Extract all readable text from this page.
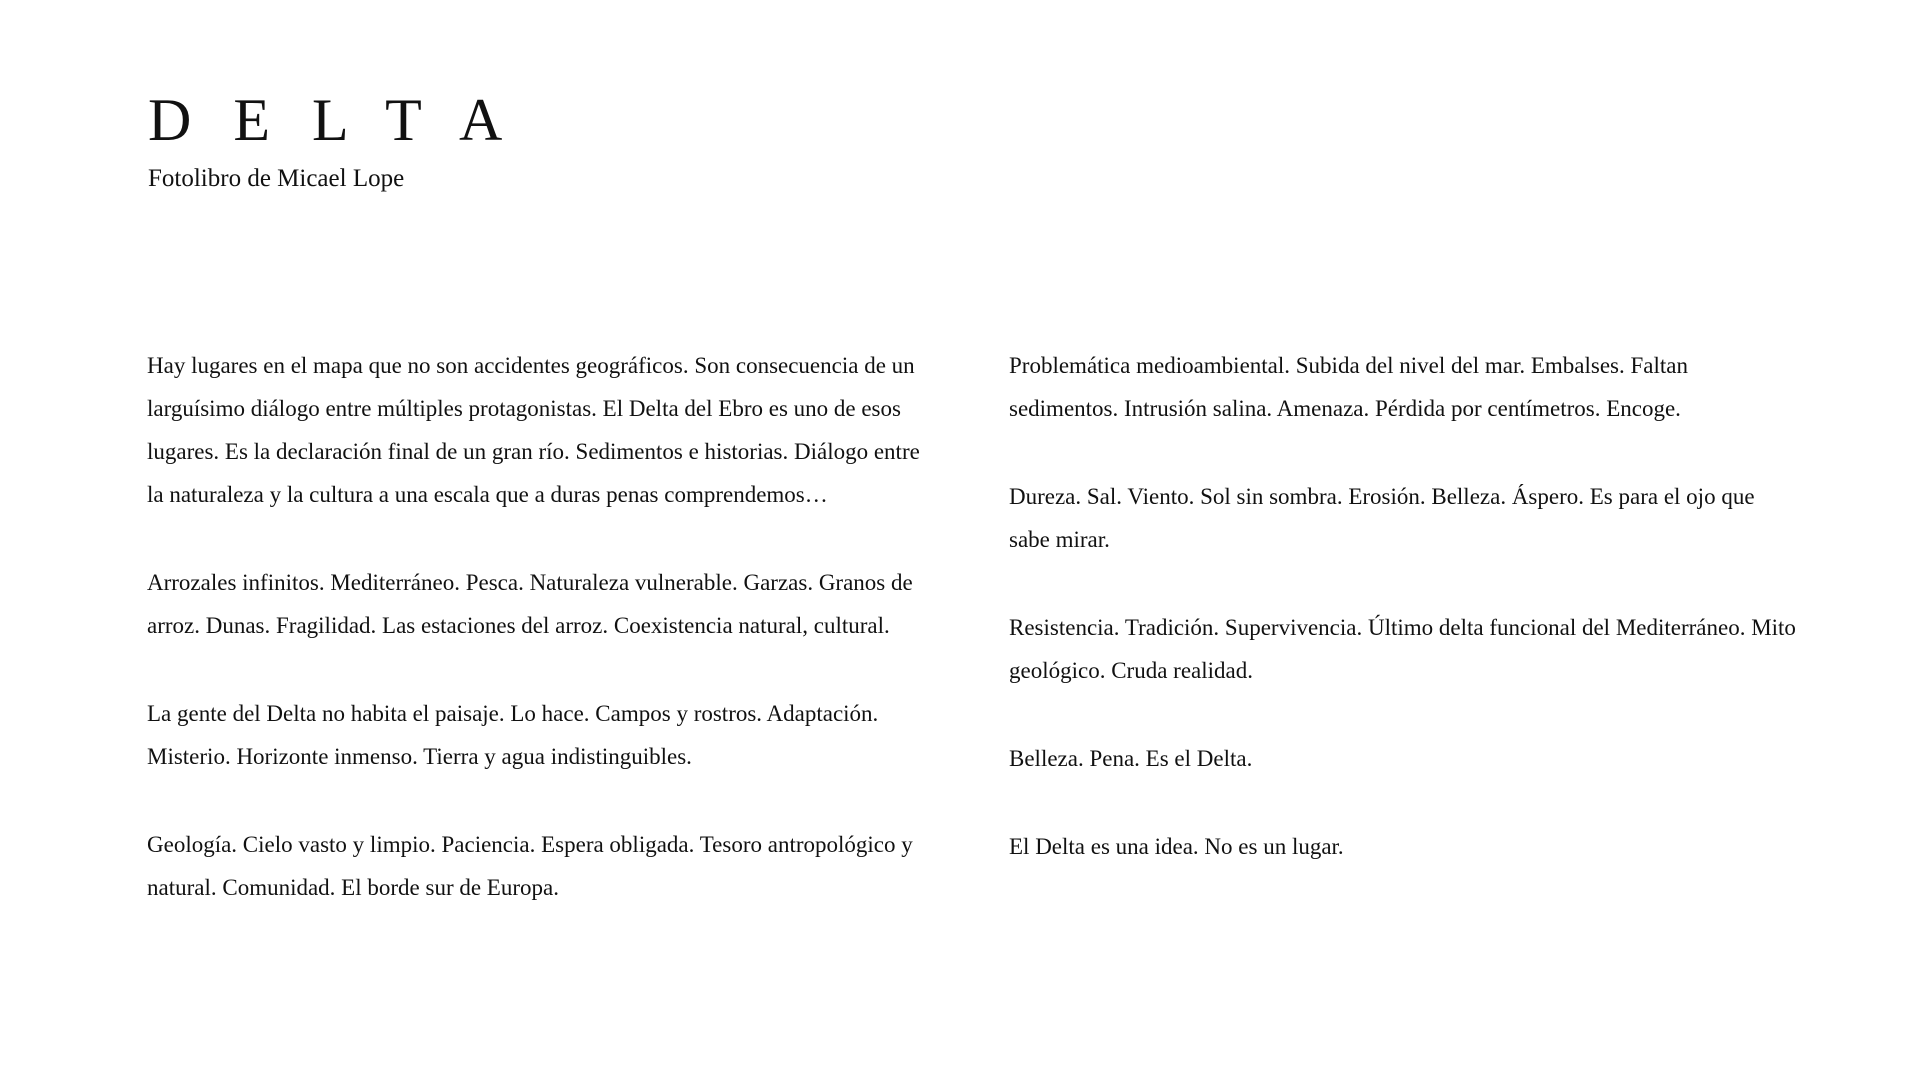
DELTA
Fotolibro de Micael Lope

Hay lugares en el mapa que no son accidentes geográficos. Son consecuencia de un larguísimo diálogo entre múltiples protagonistas. El Delta del Ebro es uno de esos lugares. Es la declaración final de un gran río. Sedimentos e historias. Diálogo entre la naturaleza y la cultura a una escala que a duras penas comprendemos…

Arrozales infinitos. Mediterráneo. Pesca. Naturaleza vulnerable. Garzas. Granos de arroz. Dunas. Fragilidad. Las estaciones del arroz. Coexistencia natural, cultural.

La gente del Delta no habita el paisaje. Lo hace. Campos y rostros. Adaptación. Misterio. Horizonte inmenso. Tierra y agua indistinguibles.

Geología. Cielo vasto y limpio. Paciencia. Espera obligada. Tesoro antropológico y natural. Comunidad. El borde sur de Europa.

Problemática medioambiental. Subida del nivel del mar. Embalses. Faltan sedimentos. Intrusión salina. Amenaza. Pérdida por centímetros. Encoge.

Dureza. Sal. Viento. Sol sin sombra. Erosión. Belleza. Áspero. Es para el ojo que sabe mirar.

Resistencia. Tradición. Supervivencia. Último delta funcional del Mediterráneo. Mito geológico. Cruda realidad.

Belleza. Pena. Es el Delta.

El Delta es una idea. No es un lugar.
